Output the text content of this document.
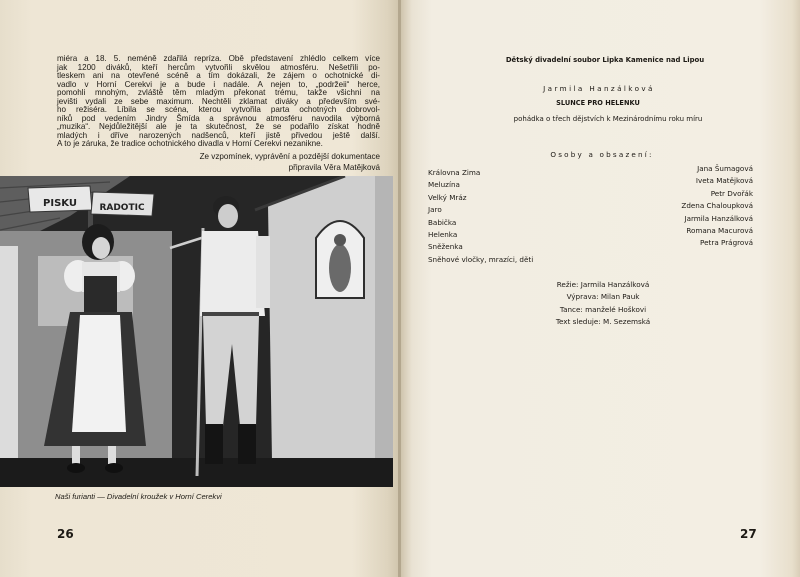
miéra a 18. 5. neméně zdařilá repríza. Obě představení zhlédlo celkem více
jak 1200 diváků, kteří hercům vytvořili skvělou atmosféru. Nešetřili po-
tleskem ani na otevřené scéně a tím dokázali, že zájem o ochotnické di-
vadlo v Horní Cerekvi je a bude i nadále. A nejen to, „podržeii“ herce,
pomohli mnohým, zvláště těm mladým překonat trému, takže všichni na
jevišti vydali ze sebe maximum. Nechtěli zklamat diváky a především své-
ho režiséra. Líbila se scéna, kterou vytvořila parta ochotných dobrovol-
níků pod vedením Jindry Šmída a správnou atmosféru navodila výborná
„muzika“. Nejdůležitější ale je ta skutečnost, že se podařilo získat hodně
mladých i dříve narozených nadšenců, kteří jistě přivedou ještě další.
A to je záruka, že tradice ochotnického divadla v Horní Cerekvi nezanikne.
Ze vzpomínek, vyprávění a pozdější dokumentace
připravila Věra Matějková
PISKU RADOTIC
Naši furianti — Divadelní kroužek v Horní Cerekvi
26
Dětský divadelní soubor Lipka Kamenice nad Lipou
Jarmila Hanzálková
SLUNCE PRO HELENKU
pohádka o třech dějstvích k Mezinárodnímu roku míru
Osoby a obsazení:
Královna Zima
Meluzína
Velký Mráz
Jaro
Babička
Helenka
Sněženka
Sněhové vločky, mrazíci, děti
Jana Šumagová
Iveta Matějková
Petr Dvořák
Zdena Chaloupková
Jarmila Hanzálková
Romana Macurová
Petra Prágrová
Režie: Jarmila Hanzálková
Výprava: Milan Pauk
Tance: manželé Hoškovi
Text sleduje: M. Sezemská
27
